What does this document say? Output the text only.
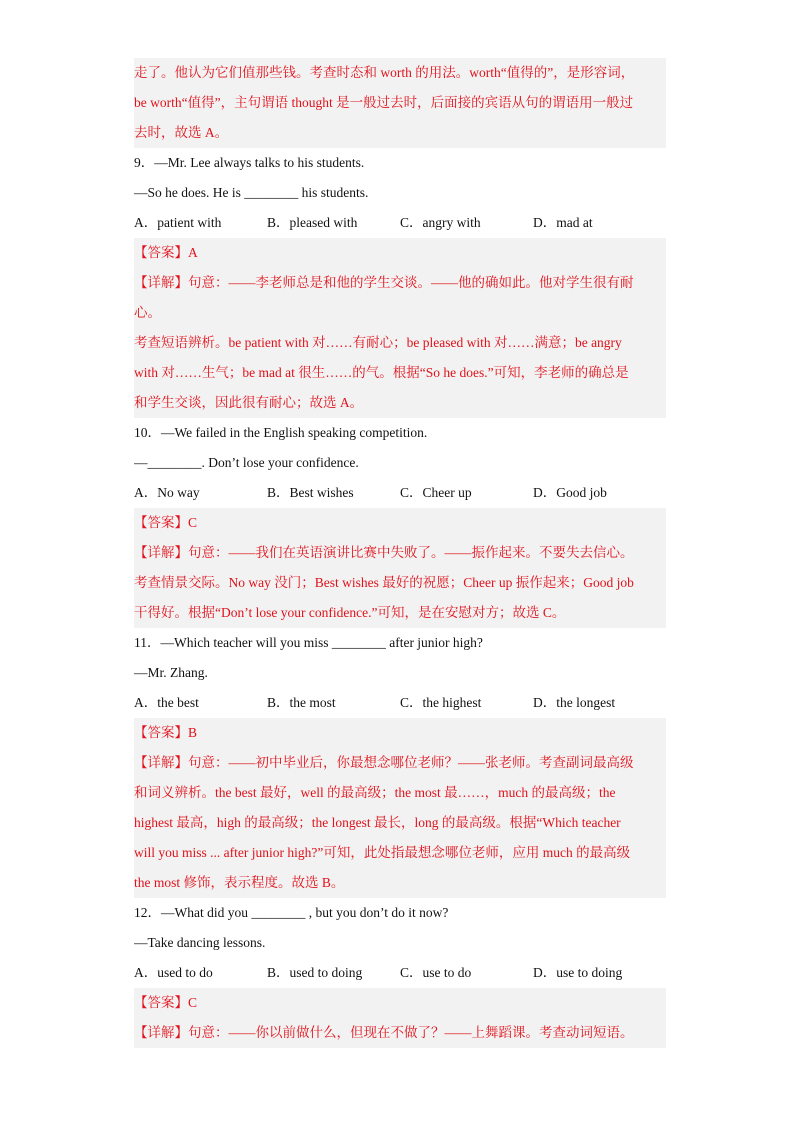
走了。他认为它们值那些钱。考查时态和 worth 的用法。worth“值得的”，是形容词，
be worth“值得”，主句谓语 thought 是一般过去时，后面接的宾语从句的谓语用一般过
去时，故选 A。
9．—Mr. Lee always talks to his students.
—So he does. He is ________ his students.
A．patient with	B．pleased with	C．angry with	D．mad at
【答案】A
【详解】句意：——李老师总是和他的学生交谈。——他的确如此。他对学生很有耐
心。
考查短语辨析。be patient with 对……有耐心；be pleased with 对……满意；be angry
with 对……生气；be mad at 很生……的气。根据“So he does.”可知，李老师的确总是
和学生交谈，因此很有耐心；故选 A。
10．—We failed in the English speaking competition.
—________. Don’t lose your confidence.
A．No way	B．Best wishes	C．Cheer up	D．Good job
【答案】C
【详解】句意：——我们在英语演讲比赛中失败了。——振作起来。不要失去信心。
考查情景交际。No way 没门；Best wishes 最好的祝愿；Cheer up 振作起来；Good job
干得好。根据“Don’t lose your confidence.”可知，是在安慰对方；故选 C。
11．—Which teacher will you miss ________ after junior high?
—Mr. Zhang.
A．the best	B．the most	C．the highest	D．the longest
【答案】B
【详解】句意：——初中毕业后，你最想念哪位老师？——张老师。考查副词最高级
和词义辨析。the best 最好，well 的最高级；the most 最……，much 的最高级；the
highest 最高，high 的最高级；the longest 最长，long 的最高级。根据“Which teacher
will you miss ... after junior high?”可知，此处指最想念哪位老师，应用 much 的最高级
the most 修饰，表示程度。故选 B。
12．—What did you ________ , but you don’t do it now?
—Take dancing lessons.
A．used to do	B．used to doing	C．use to do	D．use to doing
【答案】C
【详解】句意：——你以前做什么，但现在不做了？——上舞蹈课。考查动词短语。
